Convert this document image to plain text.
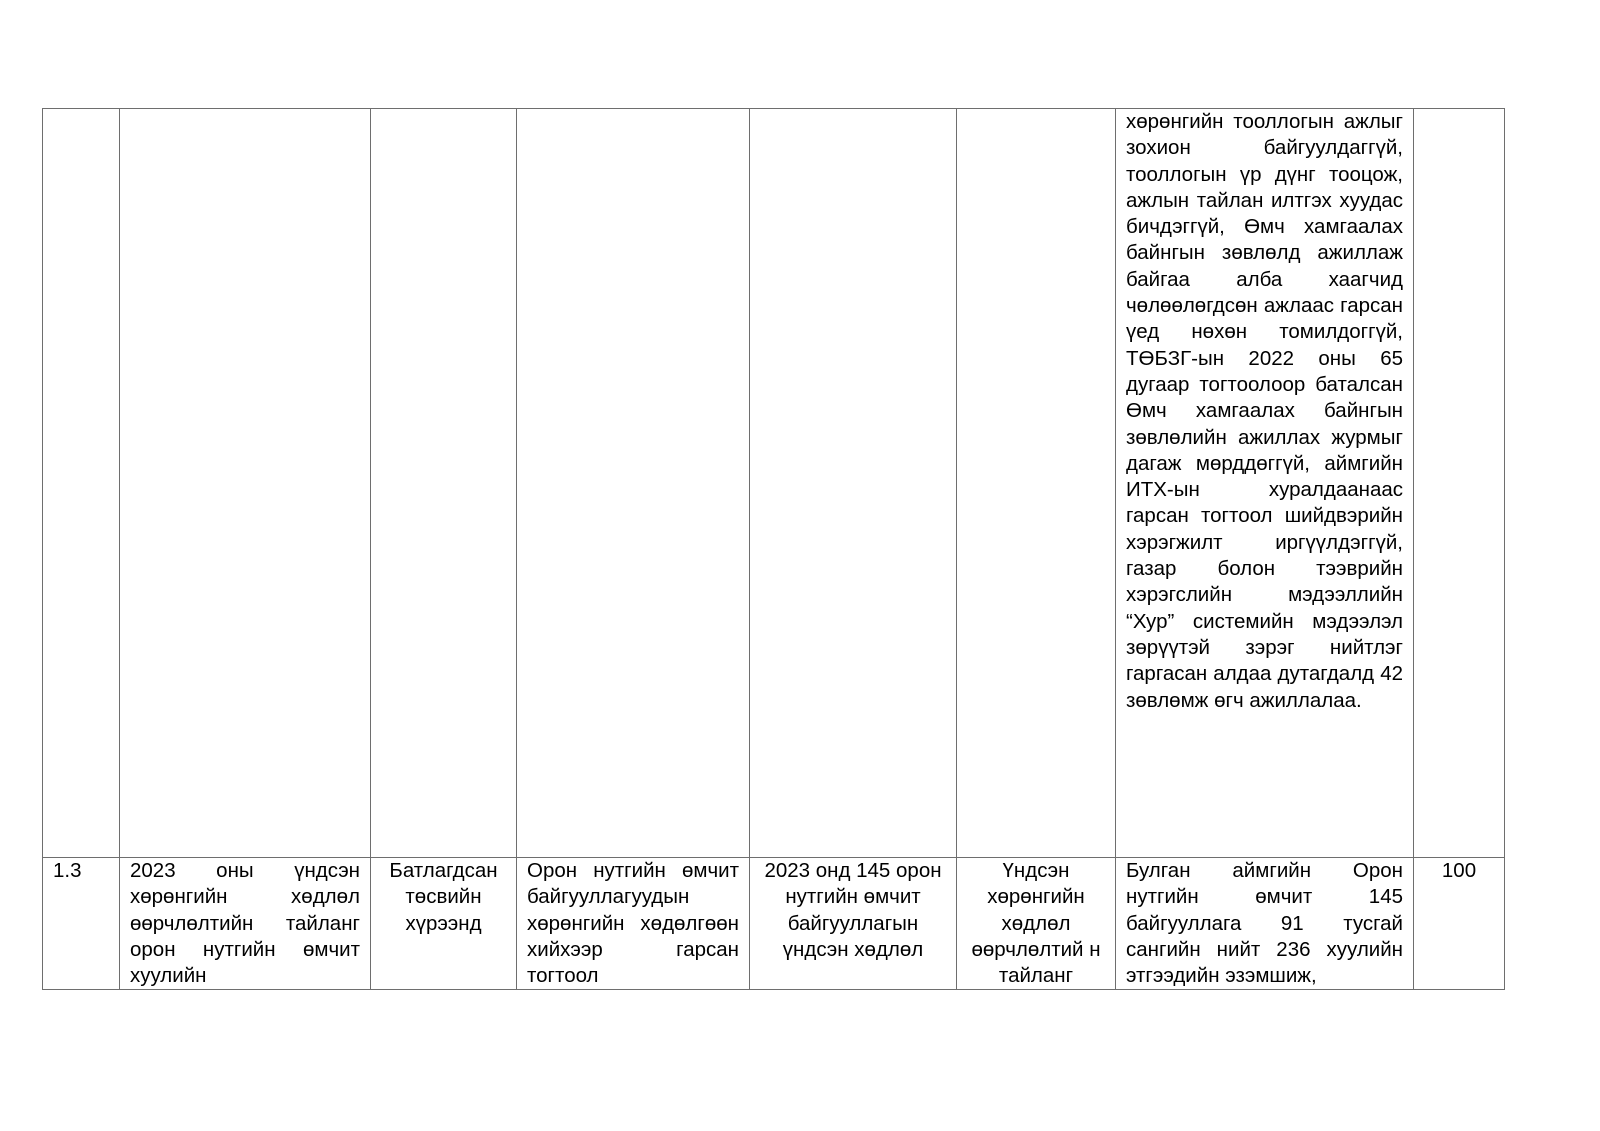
						хөрөнгийн тооллогын ажлыг зохион байгуулдаггүй, тооллогын үр дүнг тооцож, ажлын тайлан илтгэх хуудас бичдэггүй, Өмч хамгаалах байнгын зөвлөлд ажиллаж байгаа алба хаагчид чөлөөлөгдсөн ажлаас гарсан үед нөхөн томилдоггүй, ТӨБЗГ-ын 2022 оны 65 дугаар тогтоолоор баталсан Өмч хамгаалах байнгын зөвлөлийн ажиллах журмыг дагаж мөрддөггүй, аймгийн ИТХ-ын хуралдаанаас гарсан тогтоол шийдвэрийн хэрэгжилт иргүүлдэггүй, газар болон тээврийн хэрэгслийн мэдээллийн “Хур” системийн мэдээлэл зөрүүтэй зэрэг нийтлэг гаргасан алдаа дутагдалд 42 зөвлөмж өгч ажиллалаа.	

1.3	2023 оны үндсэн хөрөнгийн хөдлөл өөрчлөлтийн тайланг орон нутгийн өмчит хуулийн	Батлагдсан төсвийн хүрээнд	Орон нутгийн өмчит байгууллагуудын хөрөнгийн хөдөлгөөн хийхээр гарсан тогтоол	2023 онд 145 орон нутгийн өмчит байгууллагын үндсэн хөдлөл	Үндсэн хөрөнгийн хөдлөл өөрчлөлтий н тайланг	Булган аймгийн Орон нутгийн өмчит 145 байгууллага 91 тусгай сангийн нийт 236 хуулийн этгээдийн эзэмшиж,	100
